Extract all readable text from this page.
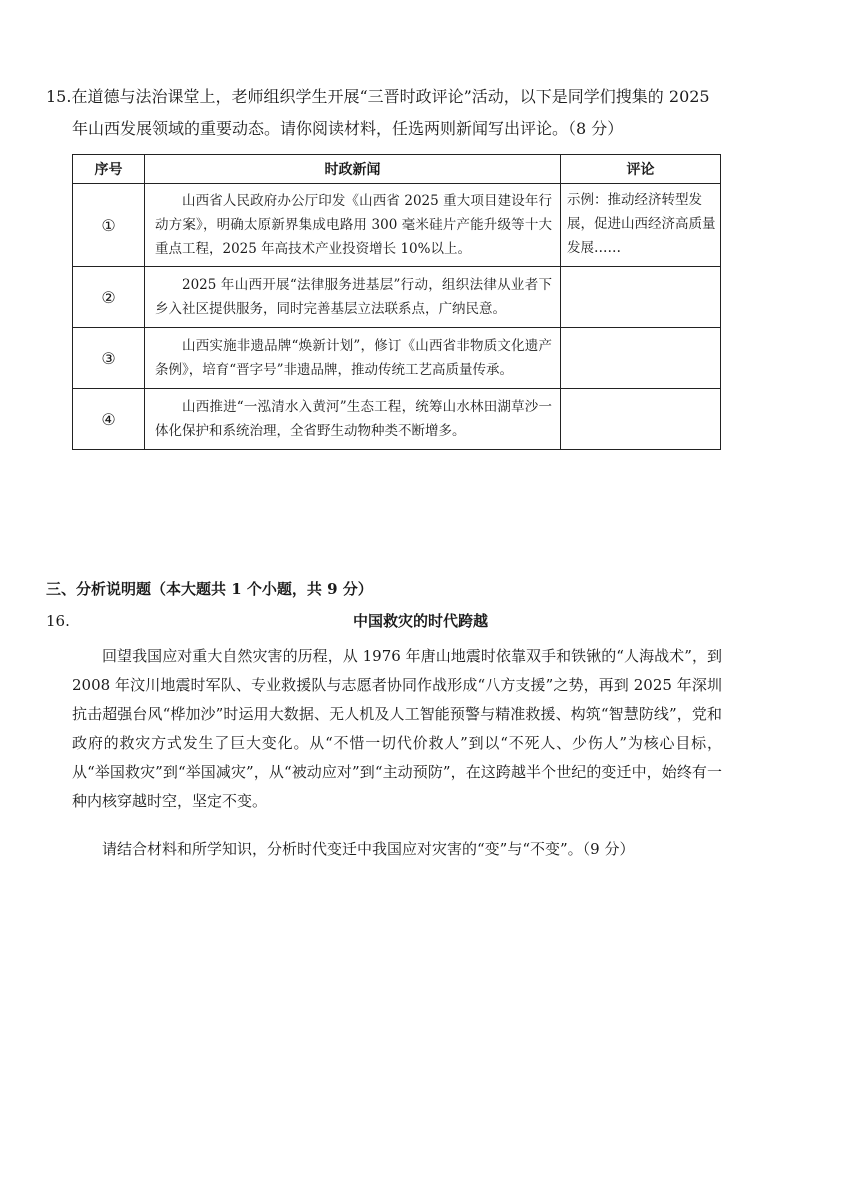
15.在道德与法治课堂上，老师组织学生开展“三晋时政评论”活动，以下是同学们搜集的 2025
年山西发展领域的重要动态。请你阅读材料，任选两则新闻写出评论。（8 分）
序号	时政新闻	评论
①	山西省人民政府办公厅印发《山西省 2025 重大项目建设年行动方案》，明确太原新界集成电路用 300 毫米硅片产能升级等十大重点工程，2025 年高技术产业投资增长 10%以上。	示例：推动经济转型发展，促进山西经济高质量发展……
②	2025 年山西开展“法律服务进基层”行动，组织法律从业者下乡入社区提供服务，同时完善基层立法联系点，广纳民意。	
③	山西实施非遗品牌“焕新计划”，修订《山西省非物质文化遗产条例》，培育“晋字号”非遗品牌，推动传统工艺高质量传承。	
④	山西推进“一泓清水入黄河”生态工程，统筹山水林田湖草沙一体化保护和系统治理，全省野生动物种类不断增多。	
三、分析说明题（本大题共 1 个小题，共 9 分）
16.	中国救灾的时代跨越
回望我国应对重大自然灾害的历程，从 1976 年唐山地震时依靠双手和铁锹的“人海战术”，到 2008 年汶川地震时军队、专业救援队与志愿者协同作战形成“八方支援”之势，再到 2025 年深圳抗击超强台风“桦加沙”时运用大数据、无人机及人工智能预警与精准救援、构筑“智慧防线”，党和政府的救灾方式发生了巨大变化。从“不惜一切代价救人”到以“不死人、少伤人”为核心目标，从“举国救灾”到“举国减灾”，从“被动应对”到“主动预防”，在这跨越半个世纪的变迁中，始终有一种内核穿越时空，坚定不变。
请结合材料和所学知识，分析时代变迁中我国应对灾害的“变”与“不变”。（9 分）
